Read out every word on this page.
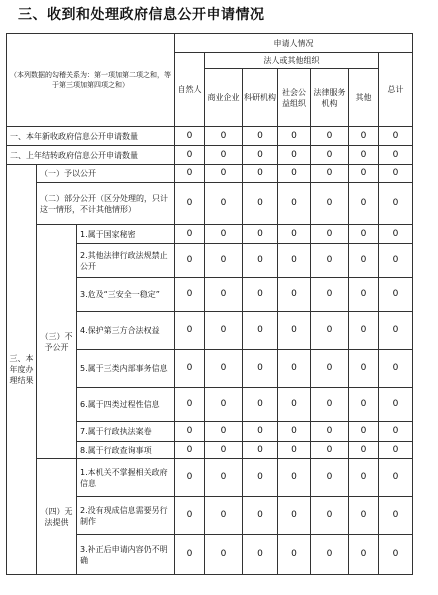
三、收到和处理政府信息公开申请情况
（本列数据的勾稽关系为：第一项加第二项之和，等于第三项加第四项之和）			申请人情况						
			自然人	法人或其他组织					总计
				商业企业	科研机构	社会公益组织	法律服务机构	其他	
一、本年新收政府信息公开申请数量			0	0	0	0	0	0	0
二、上年结转政府信息公开申请数量			0	0	0	0	0	0	0
三、本年度办理结果	（一）予以公开		0	0	0	0	0	0	0
	（二）部分公开（区分处理的，只计这一情形，不计其他情形）		0	0	0	0	0	0	0
	（三）不予公开	1.属于国家秘密	0	0	0	0	0	0	0
		2.其他法律行政法规禁止公开	0	0	0	0	0	0	0
		3.危及“三安全一稳定”	0	0	0	0	0	0	0
		4.保护第三方合法权益	0	0	0	0	0	0	0
		5.属于三类内部事务信息	0	0	0	0	0	0	0
		6.属于四类过程性信息	0	0	0	0	0	0	0
		7.属于行政执法案卷	0	0	0	0	0	0	0
		8.属于行政查询事项	0	0	0	0	0	0	0
	（四）无法提供	1.本机关不掌握相关政府信息	0	0	0	0	0	0	0
		2.没有现成信息需要另行制作	0	0	0	0	0	0	0
		3.补正后申请内容仍不明确	0	0	0	0	0	0	0
